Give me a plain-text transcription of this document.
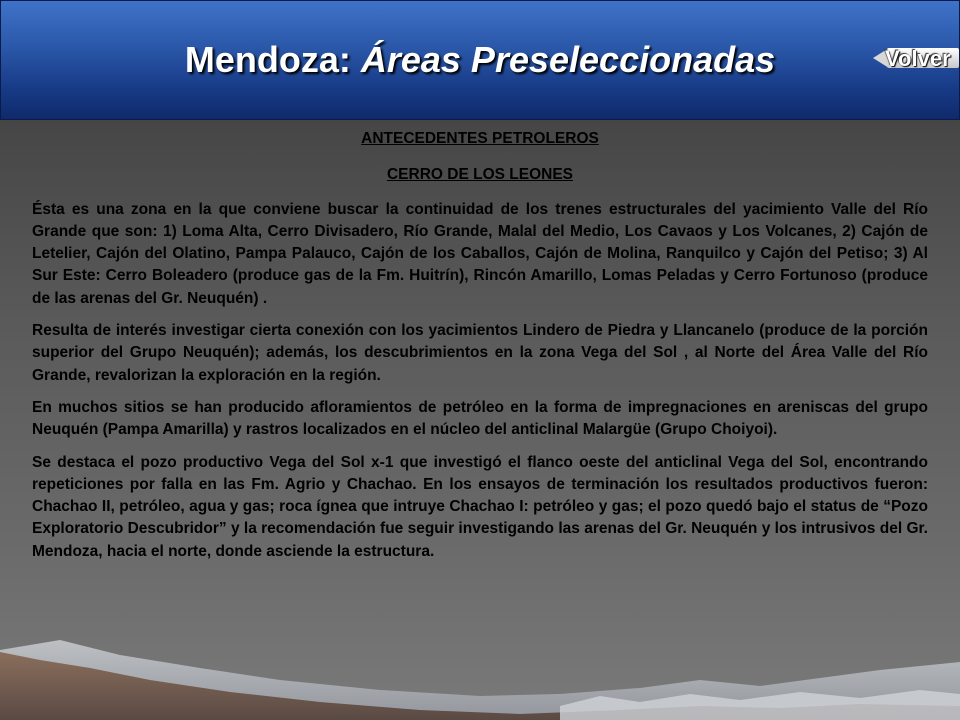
Mendoza: Áreas Preseleccionadas	Volver
ANTECEDENTES PETROLEROS
CERRO DE LOS LEONES

Ésta es una zona en la que conviene buscar la continuidad de los trenes estructurales del yacimiento Valle del Río Grande que son: 1) Loma Alta, Cerro Divisadero, Río Grande, Malal del Medio, Los Cavaos y Los Volcanes, 2) Cajón de Letelier, Cajón del Olatino, Pampa Palauco, Cajón de los Caballos, Cajón de Molina, Ranquilco y Cajón del Petiso; 3) Al Sur Este: Cerro Boleadero (produce gas de la Fm. Huitrín), Rincón Amarillo, Lomas Peladas y Cerro Fortunoso (produce de las arenas del Gr. Neuquén) .

Resulta de interés investigar cierta conexión con los yacimientos Lindero de Piedra y Llancanelo (produce de la porción superior del Grupo Neuquén); además, los descubrimientos en la zona Vega del Sol , al Norte del Área Valle del Río Grande, revalorizan la exploración en la región.

En muchos sitios se han producido afloramientos de petróleo en la forma de impregnaciones en areniscas del grupo Neuquén (Pampa Amarilla) y rastros localizados en el núcleo del anticlinal Malargüe (Grupo Choiyoi).

Se destaca el pozo productivo Vega del Sol x-1 que investigó el flanco oeste del anticlinal Vega del Sol, encontrando repeticiones por falla en las Fm. Agrio y Chachao. En los ensayos de terminación los resultados productivos fueron: Chachao II, petróleo, agua y gas; roca ígnea que intruye Chachao I: petróleo y gas; el pozo quedó bajo el status de “Pozo Exploratorio Descubridor” y la recomendación fue seguir investigando las arenas del Gr. Neuquén y los intrusivos del Gr. Mendoza, hacia el norte, donde asciende la estructura.
